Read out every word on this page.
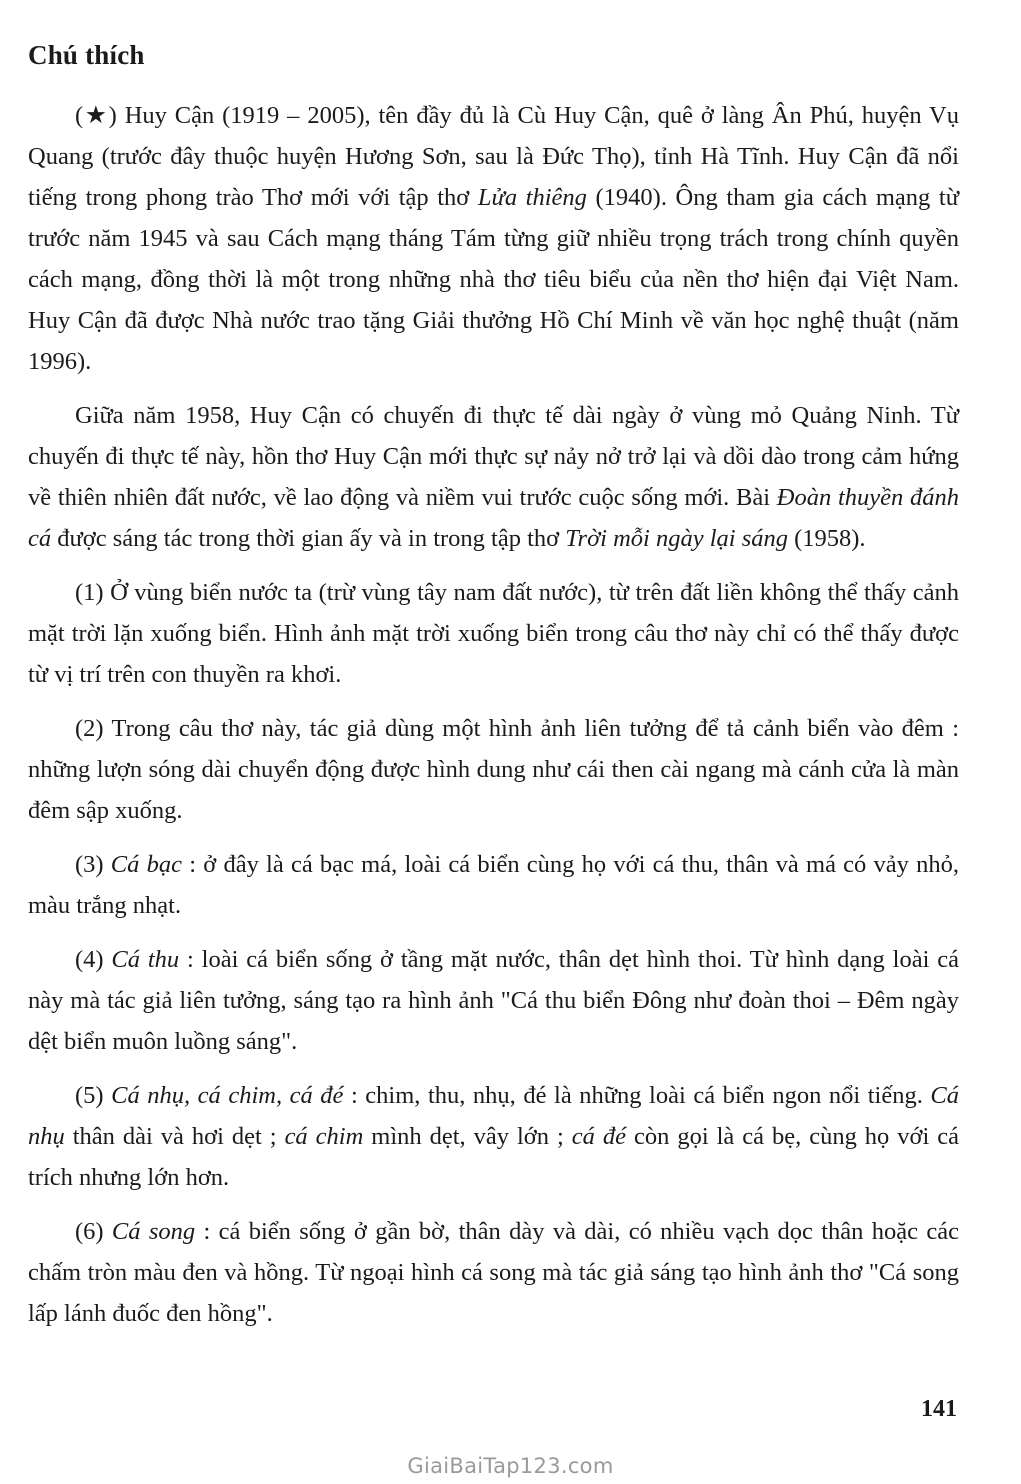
Chú thích

(★) Huy Cận (1919 – 2005), tên đầy đủ là Cù Huy Cận, quê ở làng Ân Phú, huyện Vụ Quang (trước đây thuộc huyện Hương Sơn, sau là Đức Thọ), tỉnh Hà Tĩnh. Huy Cận đã nổi tiếng trong phong trào Thơ mới với tập thơ Lửa thiêng (1940). Ông tham gia cách mạng từ trước năm 1945 và sau Cách mạng tháng Tám từng giữ nhiều trọng trách trong chính quyền cách mạng, đồng thời là một trong những nhà thơ tiêu biểu của nền thơ hiện đại Việt Nam. Huy Cận đã được Nhà nước trao tặng Giải thưởng Hồ Chí Minh về văn học nghệ thuật (năm 1996).

Giữa năm 1958, Huy Cận có chuyến đi thực tế dài ngày ở vùng mỏ Quảng Ninh. Từ chuyến đi thực tế này, hồn thơ Huy Cận mới thực sự nảy nở trở lại và dồi dào trong cảm hứng về thiên nhiên đất nước, về lao động và niềm vui trước cuộc sống mới. Bài Đoàn thuyền đánh cá được sáng tác trong thời gian ấy và in trong tập thơ Trời mỗi ngày lại sáng (1958).

(1) Ở vùng biển nước ta (trừ vùng tây nam đất nước), từ trên đất liền không thể thấy cảnh mặt trời lặn xuống biển. Hình ảnh mặt trời xuống biển trong câu thơ này chỉ có thể thấy được từ vị trí trên con thuyền ra khơi.

(2) Trong câu thơ này, tác giả dùng một hình ảnh liên tưởng để tả cảnh biển vào đêm : những lượn sóng dài chuyển động được hình dung như cái then cài ngang mà cánh cửa là màn đêm sập xuống.

(3) Cá bạc : ở đây là cá bạc má, loài cá biển cùng họ với cá thu, thân và má có vảy nhỏ, màu trắng nhạt.

(4) Cá thu : loài cá biển sống ở tầng mặt nước, thân dẹt hình thoi. Từ hình dạng loài cá này mà tác giả liên tưởng, sáng tạo ra hình ảnh "Cá thu biển Đông như đoàn thoi – Đêm ngày dệt biển muôn luồng sáng".

(5) Cá nhụ, cá chim, cá đé : chim, thu, nhụ, đé là những loài cá biển ngon nổi tiếng. Cá nhụ thân dài và hơi dẹt ; cá chim mình dẹt, vây lớn ; cá đé còn gọi là cá bẹ, cùng họ với cá trích nhưng lớn hơn.

(6) Cá song : cá biển sống ở gần bờ, thân dày và dài, có nhiều vạch dọc thân hoặc các chấm tròn màu đen và hồng. Từ ngoại hình cá song mà tác giả sáng tạo hình ảnh thơ "Cá song lấp lánh đuốc đen hồng".

141
GiaiBaiTap123.com
